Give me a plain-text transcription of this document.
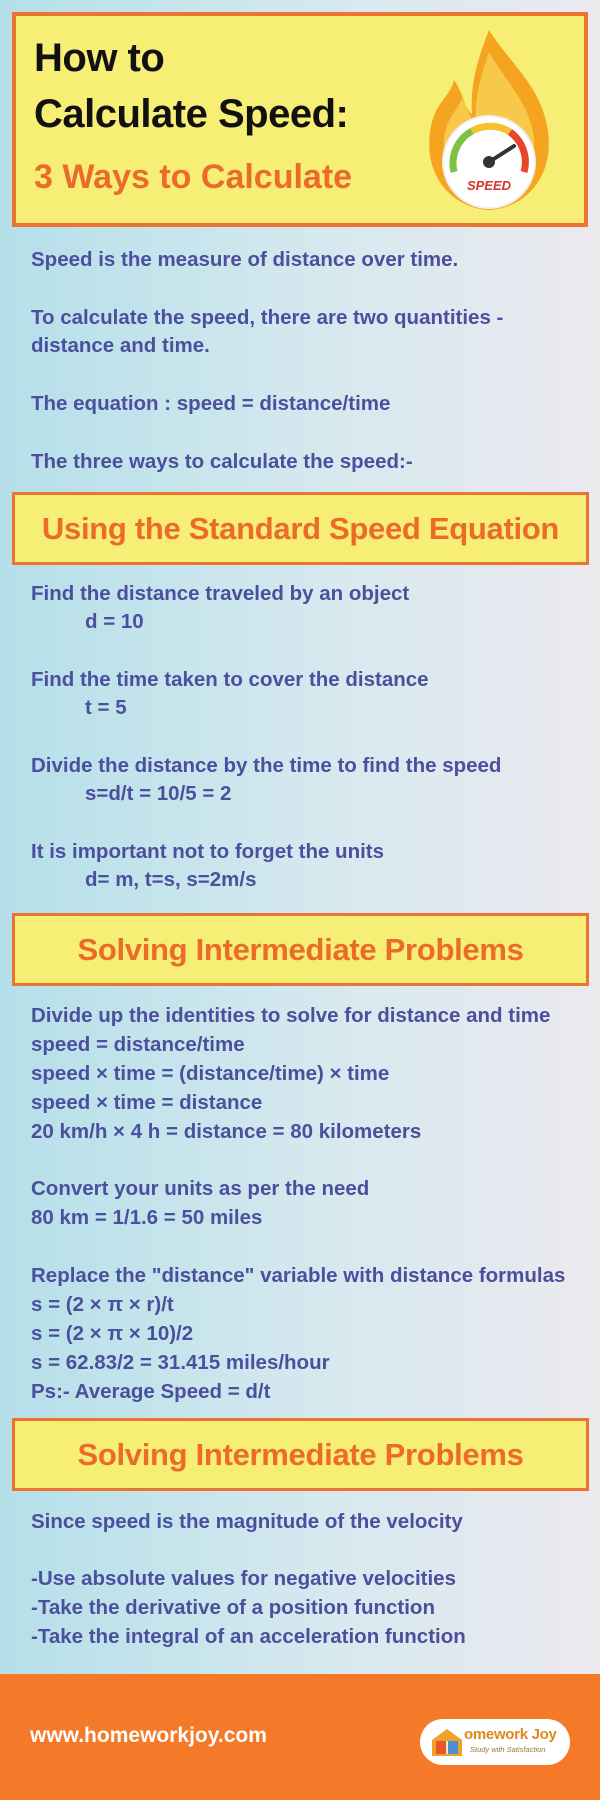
How to
Calculate Speed:
3 Ways to Calculate	SPEED
Speed is the measure of distance over time.
To calculate the speed, there are two quantities -
distance and time.
The equation : speed = distance/time
The three ways to calculate the speed:-
Using the Standard Speed Equation
Find the distance traveled by an object
d = 10
Find the time taken to cover the distance
t = 5
Divide the distance by the time to find the speed
s=d/t = 10/5 = 2
It is important not to forget the units
d= m, t=s, s=2m/s
Solving Intermediate Problems
Divide up the identities to solve for distance and time
speed = distance/time
speed × time = (distance/time) × time
speed × time = distance
20 km/h × 4 h = distance = 80 kilometers
Convert your units as per the need
80 km = 1/1.6 = 50 miles
Replace the "distance" variable with distance formulas
s = (2 × π × r)/t
s = (2 × π × 10)/2
s = 62.83/2 = 31.415 miles/hour
Ps:- Average Speed = d/t
Solving Intermediate Problems
Since speed is the magnitude of the velocity
-Use absolute values for negative velocities
-Take the derivative of a position function
-Take the integral of an acceleration function
www.homeworkjoy.com	omework Joy
Study with Satisfaction
